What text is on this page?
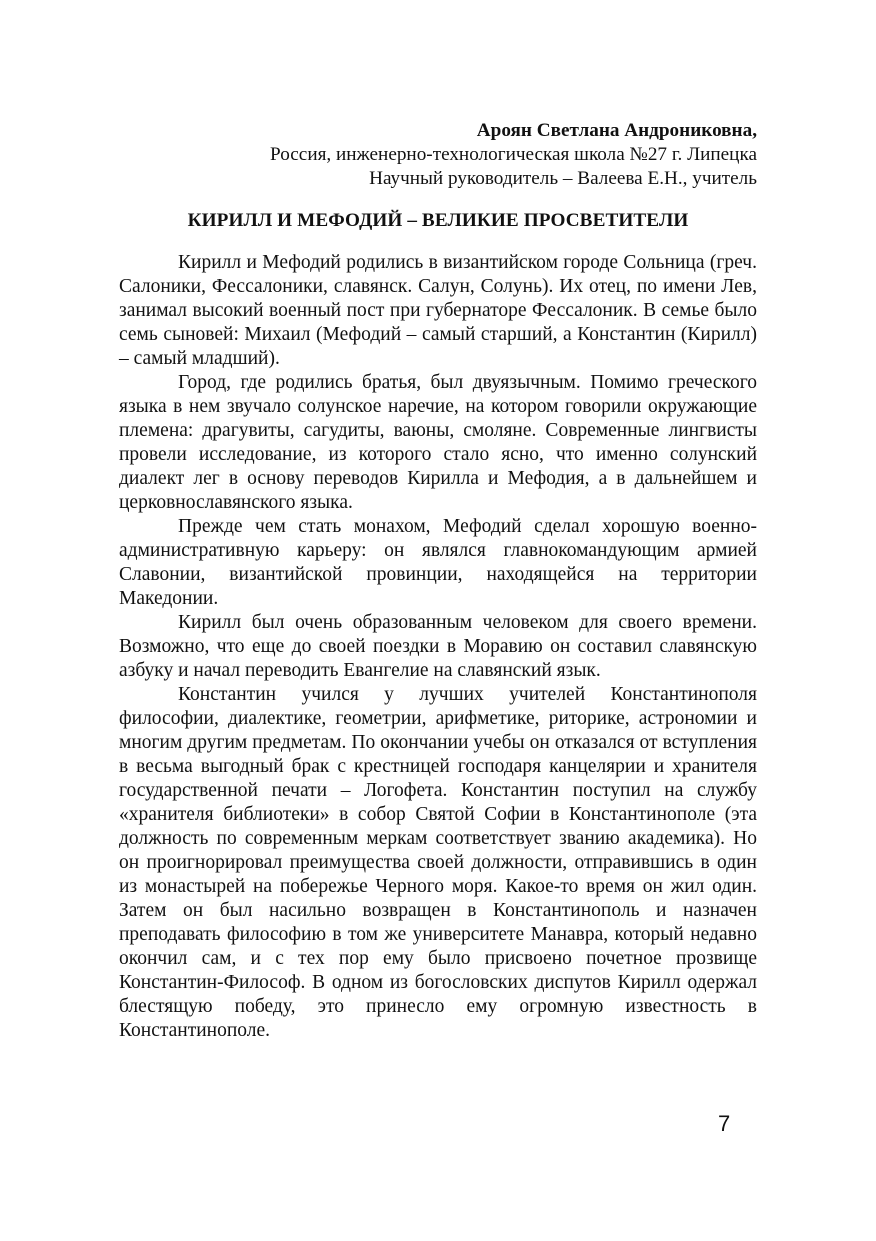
Ароян Светлана Андрониковна,
Россия, инженерно-технологическая школа №27 г. Липецка
Научный руководитель – Валеева Е.Н., учитель
КИРИЛЛ И МЕФОДИЙ – ВЕЛИКИЕ ПРОСВЕТИТЕЛИ

Кирилл и Мефодий родились в византийском городе Сольница (греч. Салоники, Фессалоники, славянск. Салун, Солунь). Их отец, по имени Лев, занимал высокий военный пост при губернаторе Фессалоник. В семье было семь сыновей: Михаил (Мефодий – самый старший, а Константин (Кирилл) – самый младший).

Город, где родились братья, был двуязычным. Помимо греческого языка в нем звучало солунское наречие, на котором говорили окружающие племена: драгувиты, сагудиты, ваюны, смоляне. Современные лингвисты провели исследование, из которого стало ясно, что именно солунский диалект лег в основу переводов Кирилла и Мефодия, а в дальнейшем и церковнославянского языка.

Прежде чем стать монахом, Мефодий сделал хорошую военно-административную карьеру: он являлся главнокомандующим армией Славонии, византийской провинции, находящейся на территории Македонии.

Кирилл был очень образованным человеком для своего времени. Возможно, что еще до своей поездки в Моравию он составил славянскую азбуку и начал переводить Евангелие на славянский язык.

Константин учился у лучших учителей Константинополя философии, диалектике, геометрии, арифметике, риторике, астрономии и многим другим предметам. По окончании учебы он отказался от вступления в весьма выгодный брак с крестницей господаря канцелярии и хранителя государственной печати – Логофета. Константин поступил на службу «хранителя библиотеки» в собор Святой Софии в Константинополе (эта должность по современным меркам соответствует званию академика). Но он проигнорировал преимущества своей должности, отправившись в один из монастырей на побережье Черного моря. Какое-то время он жил один. Затем он был насильно возвращен в Константинополь и назначен преподавать философию в том же университете Манавра, который недавно окончил сам, и с тех пор ему было присвоено почетное прозвище Константин-Философ. В одном из богословских диспутов Кирилл одержал блестящую победу, это принесло ему огромную известность в Константинополе.

7
